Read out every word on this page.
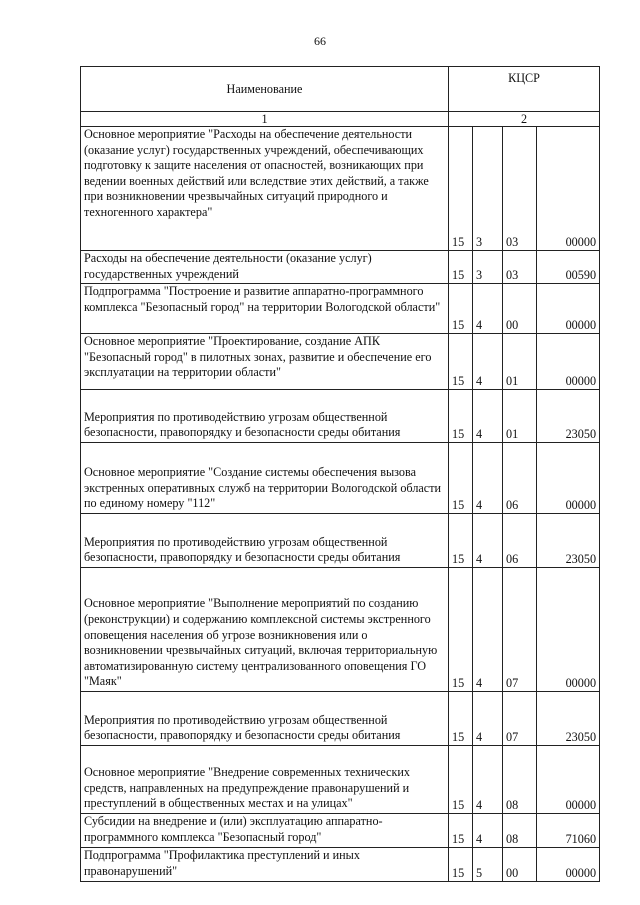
66
Наименование	КЦСР			
1	2			
Основное мероприятие "Расходы на обеспечение деятельности (оказание услуг) государственных учреждений, обеспечивающих подготовку к защите населения от опасностей, возникающих при ведении военных действий или вследствие этих действий, а также при возникновении чрезвычайных ситуаций природного и техногенного характера"	15	3	03	00000
Расходы на обеспечение деятельности (оказание услуг) государственных учреждений	15	3	03	00590
Подпрограмма "Построение и развитие аппаратно-программного комплекса "Безопасный город" на территории Вологодской области"	15	4	00	00000
Основное мероприятие "Проектирование, создание АПК "Безопасный город" в пилотных зонах, развитие и обеспечение его эксплуатации на территории области"	15	4	01	00000
Мероприятия по противодействию угрозам общественной безопасности, правопорядку и безопасности среды обитания	15	4	01	23050
Основное мероприятие "Создание системы обеспечения вызова экстренных оперативных служб на территории Вологодской области по единому номеру "112"	15	4	06	00000
Мероприятия по противодействию угрозам общественной безопасности, правопорядку и безопасности среды обитания	15	4	06	23050
Основное мероприятие "Выполнение мероприятий по созданию (реконструкции) и содержанию комплексной системы экстренного оповещения населения об угрозе возникновения или о возникновении чрезвычайных ситуаций, включая территориальную автоматизированную систему централизованного оповещения ГО "Маяк"	15	4	07	00000
Мероприятия по противодействию угрозам общественной безопасности, правопорядку и безопасности среды обитания	15	4	07	23050
Основное мероприятие "Внедрение современных технических средств, направленных на предупреждение правонарушений и преступлений в общественных местах и на улицах"	15	4	08	00000
Субсидии на внедрение и (или) эксплуатацию аппаратно-программного комплекса "Безопасный город"	15	4	08	71060
Подпрограмма "Профилактика преступлений и иных правонарушений"	15	5	00	00000
